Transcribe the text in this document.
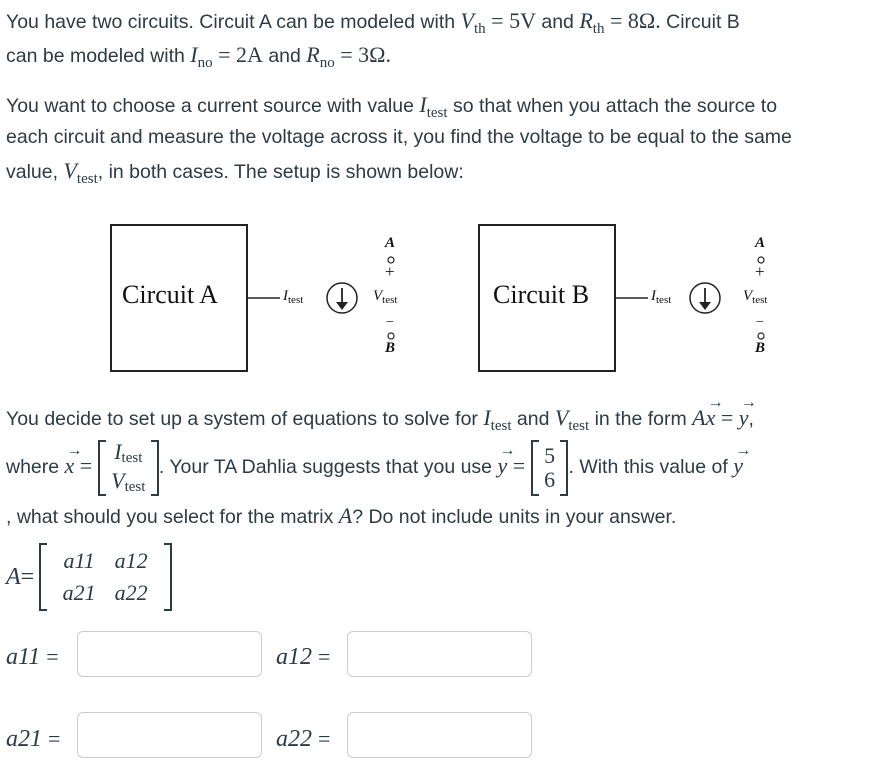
You have two circuits. Circuit A can be modeled with $V_{th} = 5V$ and $R_{th} = 8\Omega$. Circuit B
can be modeled with $I_{no} = 2A$ and $R_{no} = 3\Omega$.
You want to choose a current source with value $I_{test}$ so that when you attach the source to
each circuit and measure the voltage across it, you find the voltage to be equal to the same
value, $V_{test}$, in both cases. The setup is shown below:
Circuit A	$I_{test}$	$V_{test}$
A
+
−
B
Circuit B	$I_{test}$	$V_{test}$
A
+
−
B
You decide to set up a system of equations to solve for $I_{test}$ and $V_{test}$ in the form A→ x = → y,
where → x =
Itest
Vtest
. Your TA Dahlia suggests that you use → y = 5
6 . With this value of → y
, what should you select for the matrix A? Do not include units in your answer.
A=
a11 a12
a21 a22

a11 =	a12 =
a21 =	a22 =
